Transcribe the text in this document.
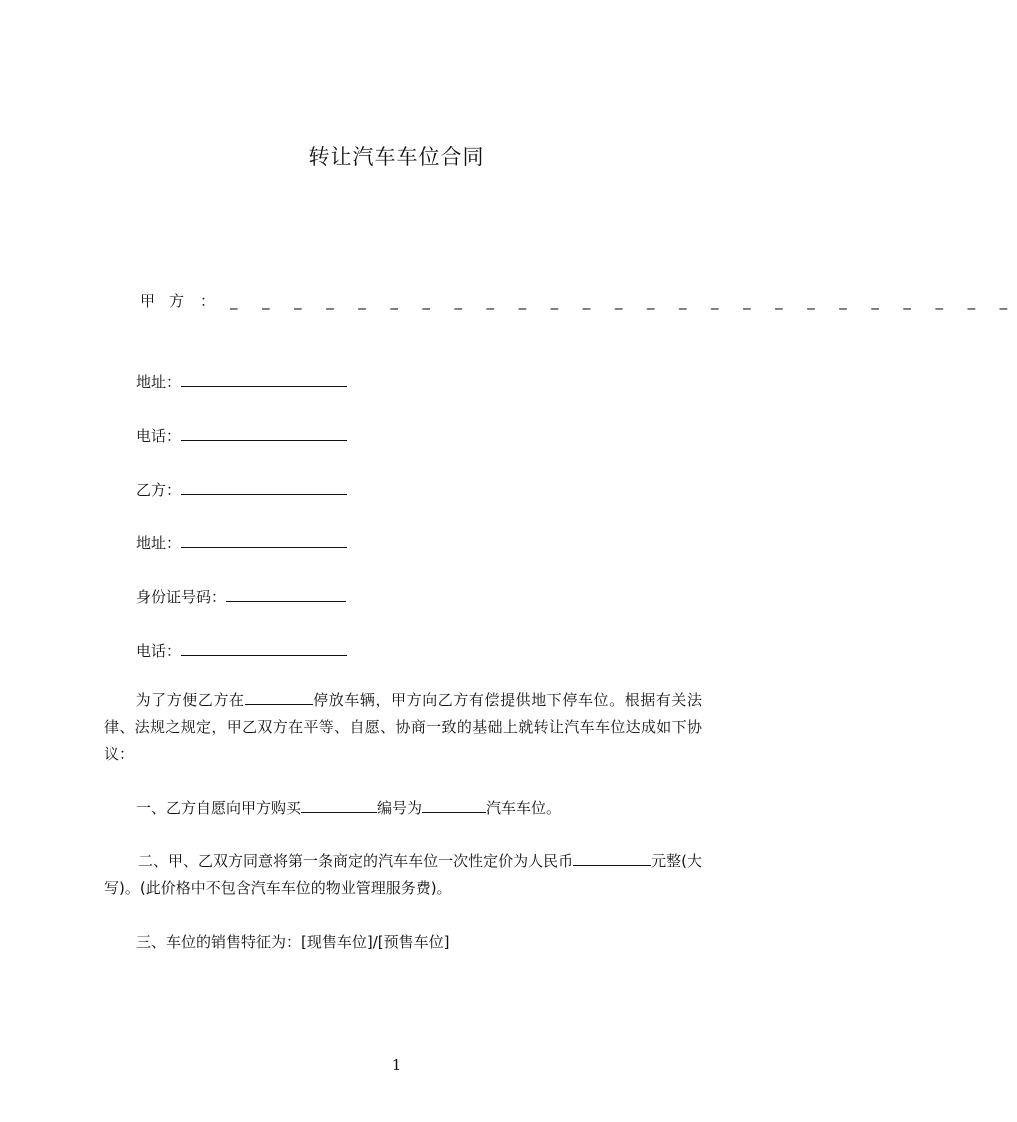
转让汽车车位合同
甲方 ： _ _ _ _ _ _ _ _ _ _ _ _ _ _ _ _ _ _ _ _ _ _ _ _ _
地址：
电话：
乙方：
地址：
身份证号码：
电话：
为了方便乙方在	停放车辆，甲方向乙方有偿提供地下停车位。根据有关法律、法规之规定，甲乙双方在平等、自愿、协商一致的基础上就转让汽车车位达成如下协议：
一、乙方自愿向甲方购买	编号为	汽车车位。
二、甲、乙双方同意将第一条商定的汽车车位一次性定价为人民币	元整(大写)。(此价格中不包含汽车车位的物业管理服务费)。
三、车位的销售特征为：[现售车位]/[预售车位]
1
